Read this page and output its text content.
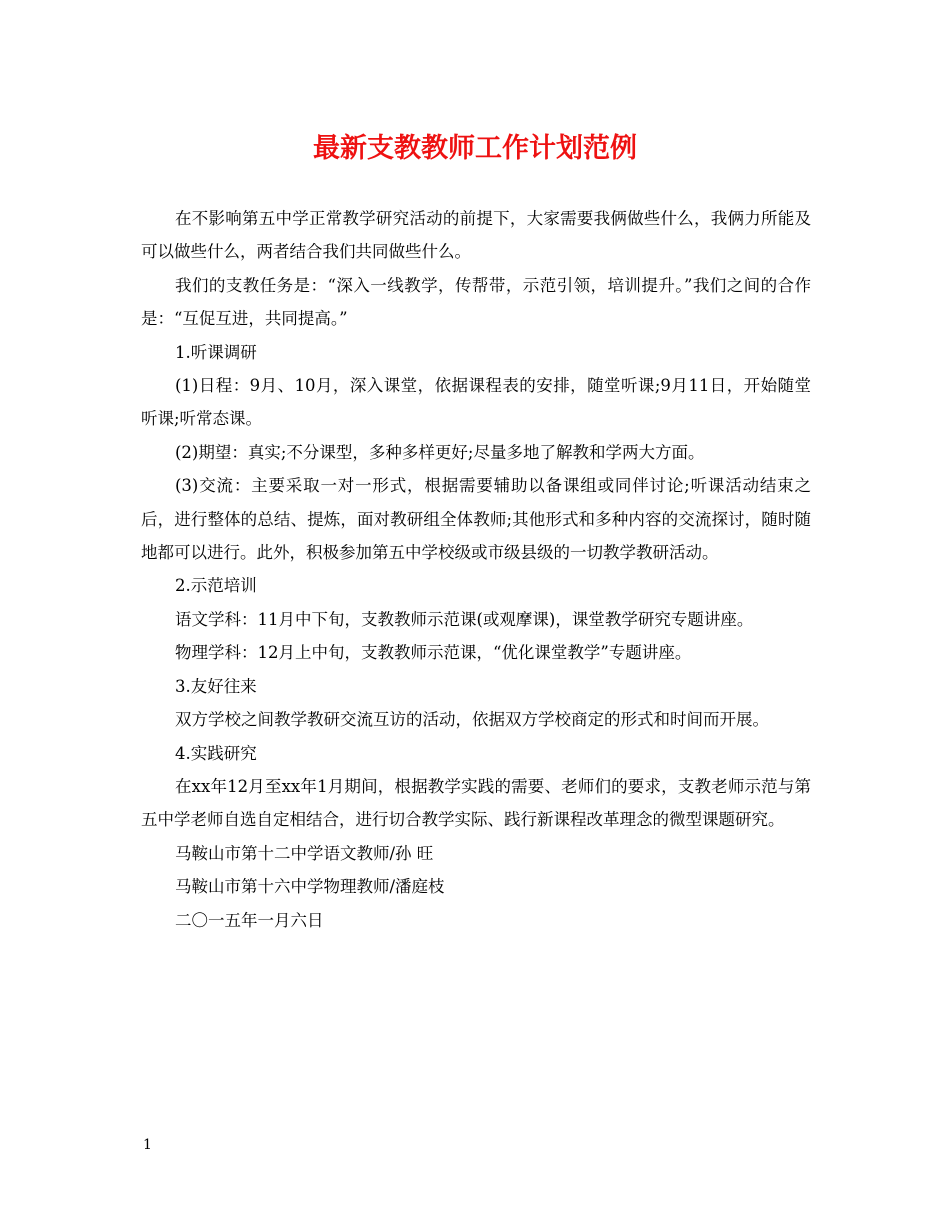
最新支教教师工作计划范例

在不影响第五中学正常教学研究活动的前提下，大家需要我俩做些什么，我俩力所能及可以做些什么，两者结合我们共同做些什么。

我们的支教任务是：“深入一线教学，传帮带，示范引领，培训提升。”我们之间的合作是：“互促互进，共同提高。”

1.听课调研

(1)日程：9月、10月，深入课堂，依据课程表的安排，随堂听课;9月11日，开始随堂听课;听常态课。

(2)期望：真实;不分课型，多种多样更好;尽量多地了解教和学两大方面。

(3)交流：主要采取一对一形式，根据需要辅助以备课组或同伴讨论;听课活动结束之后，进行整体的总结、提炼，面对教研组全体教师;其他形式和多种内容的交流探讨，随时随地都可以进行。此外，积极参加第五中学校级或市级县级的一切教学教研活动。

2.示范培训

语文学科：11月中下旬，支教教师示范课(或观摩课)，课堂教学研究专题讲座。

物理学科：12月上中旬，支教教师示范课，“优化课堂教学”专题讲座。

3.友好往来

双方学校之间教学教研交流互访的活动，依据双方学校商定的形式和时间而开展。

4.实践研究

在xx年12月至xx年1月期间，根据教学实践的需要、老师们的要求，支教老师示范与第五中学老师自选自定相结合，进行切合教学实际、践行新课程改革理念的微型课题研究。

马鞍山市第十二中学语文教师/孙 旺

马鞍山市第十六中学物理教师/潘庭枝

二〇一五年一月六日

1
